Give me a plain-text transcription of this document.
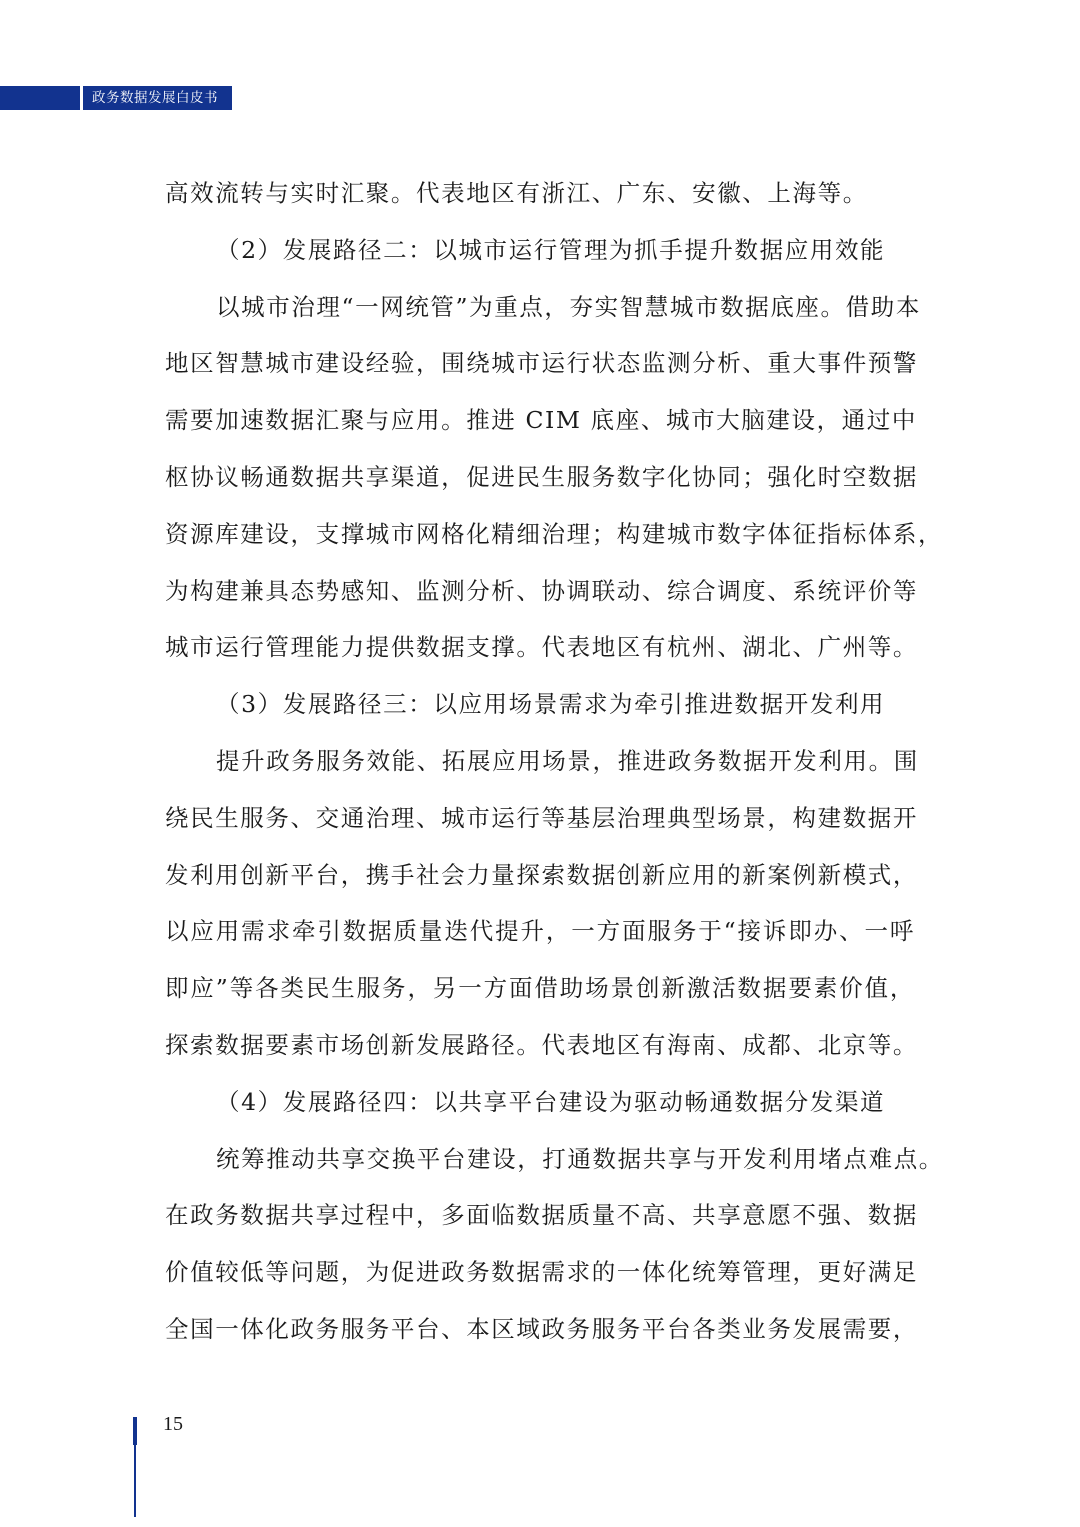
政务数据发展白皮书
高效流转与实时汇聚。代表地区有浙江、广东、安徽、上海等。
（2）发展路径二：以城市运行管理为抓手提升数据应用效能
以城市治理“一网统管”为重点，夯实智慧城市数据底座。借助本
地区智慧城市建设经验，围绕城市运行状态监测分析、重大事件预警
需要加速数据汇聚与应用。推进 CIM 底座、城市大脑建设，通过中
枢协议畅通数据共享渠道，促进民生服务数字化协同；强化时空数据
资源库建设，支撑城市网格化精细治理；构建城市数字体征指标体系，
为构建兼具态势感知、监测分析、协调联动、综合调度、系统评价等
城市运行管理能力提供数据支撑。代表地区有杭州、湖北、广州等。
（3）发展路径三：以应用场景需求为牵引推进数据开发利用
提升政务服务效能、拓展应用场景，推进政务数据开发利用。围
绕民生服务、交通治理、城市运行等基层治理典型场景，构建数据开
发利用创新平台，携手社会力量探索数据创新应用的新案例新模式，
以应用需求牵引数据质量迭代提升，一方面服务于“接诉即办、一呼
即应”等各类民生服务，另一方面借助场景创新激活数据要素价值，
探索数据要素市场创新发展路径。代表地区有海南、成都、北京等。
（4）发展路径四：以共享平台建设为驱动畅通数据分发渠道
统筹推动共享交换平台建设，打通数据共享与开发利用堵点难点。
在政务数据共享过程中，多面临数据质量不高、共享意愿不强、数据
价值较低等问题，为促进政务数据需求的一体化统筹管理，更好满足
全国一体化政务服务平台、本区域政务服务平台各类业务发展需要，
15
